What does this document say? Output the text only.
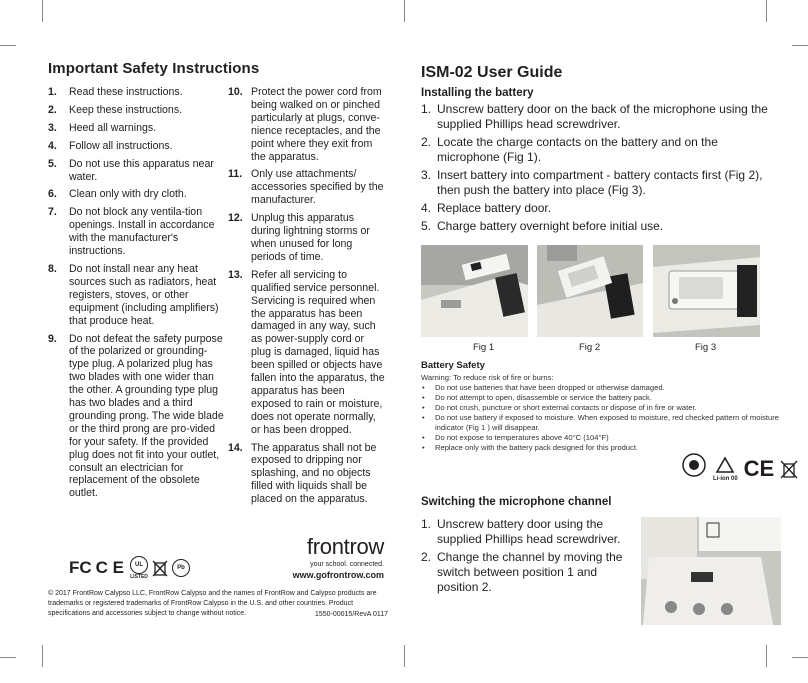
Important Safety Instructions
1.	Read these instructions.
2.	Keep these instructions.
3.	Heed all warnings.
4.	Follow all instructions.
5.	Do not use this apparatus near water.
6.	Clean only with dry cloth.
7.	Do not block any ventila-tion openings. Install in accordance with the manufacturer's instructions.
8.	Do not install near any heat sources such as radiators, heat registers, stoves, or other equipment (including amplifiers) that produce heat.
9.	Do not defeat the safety purpose of the polarized or grounding-type plug. A polarized plug has two blades with one wider than the other. A grounding type plug has two blades and a third grounding prong. The wide blade or the third prong are pro-vided for your safety. If the provided plug does not fit into your outlet, consult an electrician for replacement of the obsolete outlet.
10. Protect the power cord from being walked on or pinched particularly at plugs, conve-nience receptacles, and the point where they exit from the apparatus.
11. Only use attachments/ accessories specified by the manufacturer.
12. Unplug this apparatus during lightning storms or when unused for long periods of time.
13. Refer all servicing to qualified service personnel. Servicing is required when the apparatus has been damaged in any way, such as power-supply cord or plug is damaged, liquid has been spilled or objects have fallen into the apparatus, the apparatus has been exposed to rain or moisture, does not operate normally, or has been dropped.
14. The apparatus shall not be exposed to dripping nor splashing, and no objects filled with liquids shall be placed on the apparatus.
FC C E	UL
LISTED
Pb
frontrow
your school. connected.
www.gofrontrow.com
© 2017 FrontRow Calypso LLC, FrontRow Calypso and the names of FrontRow and Calypso products are trademarks or registered trademarks of FrontRow Calypso in the U.S. and other countries. Product specifications and accessories subject to change without notice.	1550-00015/RevA 0117
ISM-02 User Guide
Installing the battery
1. Unscrew battery door on the back of the microphone using the supplied Phillips head screwdriver.
2. Locate the charge contacts on the battery and on the microphone (Fig 1).
3. Insert battery into compartment - battery contacts first (Fig 2), then push the battery into place (Fig 3).
4. Replace battery door.
5. Charge battery overnight before initial use.
Fig 1	Fig 2	Fig 3
Battery Safety
Warning: To reduce risk of fire or burns:
•	Do not use batteries that have been dropped or otherwise damaged.
•	Do not attempt to open, disassemble or service the battery pack.
•	Do not crush, puncture or short external contacts or dispose of in fire or water.
•	Do not use battery if exposed to moisture. When exposed to moisture, red checked pattern of moisture indicator (Fig 1 ) will disappear.
•	Do not expose to temperatures above 40°C (104°F)
•	Replace only with the battery pack designed for this product.
Li-ion 00 CE
Switching the microphone channel
1. Unscrew battery door using the supplied Phillips head screwdriver.
2. Change the channel by moving the switch between position 1 and position 2.
